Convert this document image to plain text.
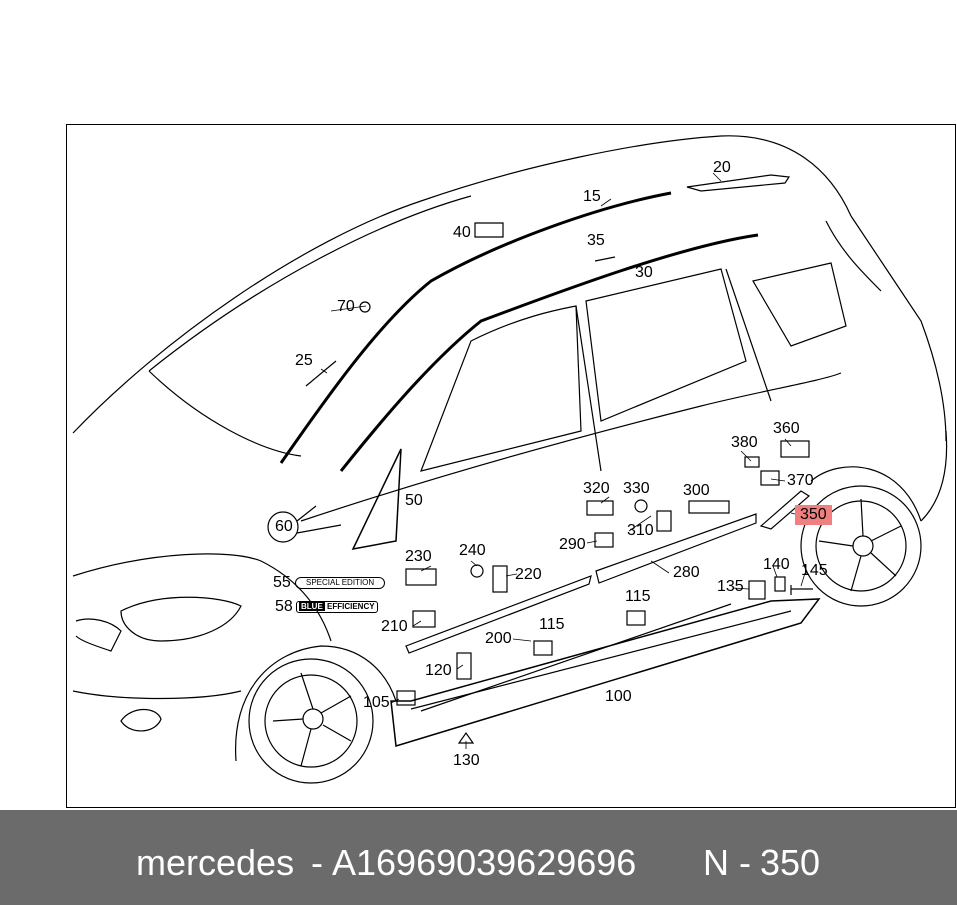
SPECIAL EDITION
BLUE EFFICIENCY
20
15
40	35
30
70
25
380
360
370
50
320 330 300
310
350
60
290
230 240
220	280
55
58
140 145
135
115
210
200
115
120
105	100
130
mercedes - A16969039629696 N - 350
